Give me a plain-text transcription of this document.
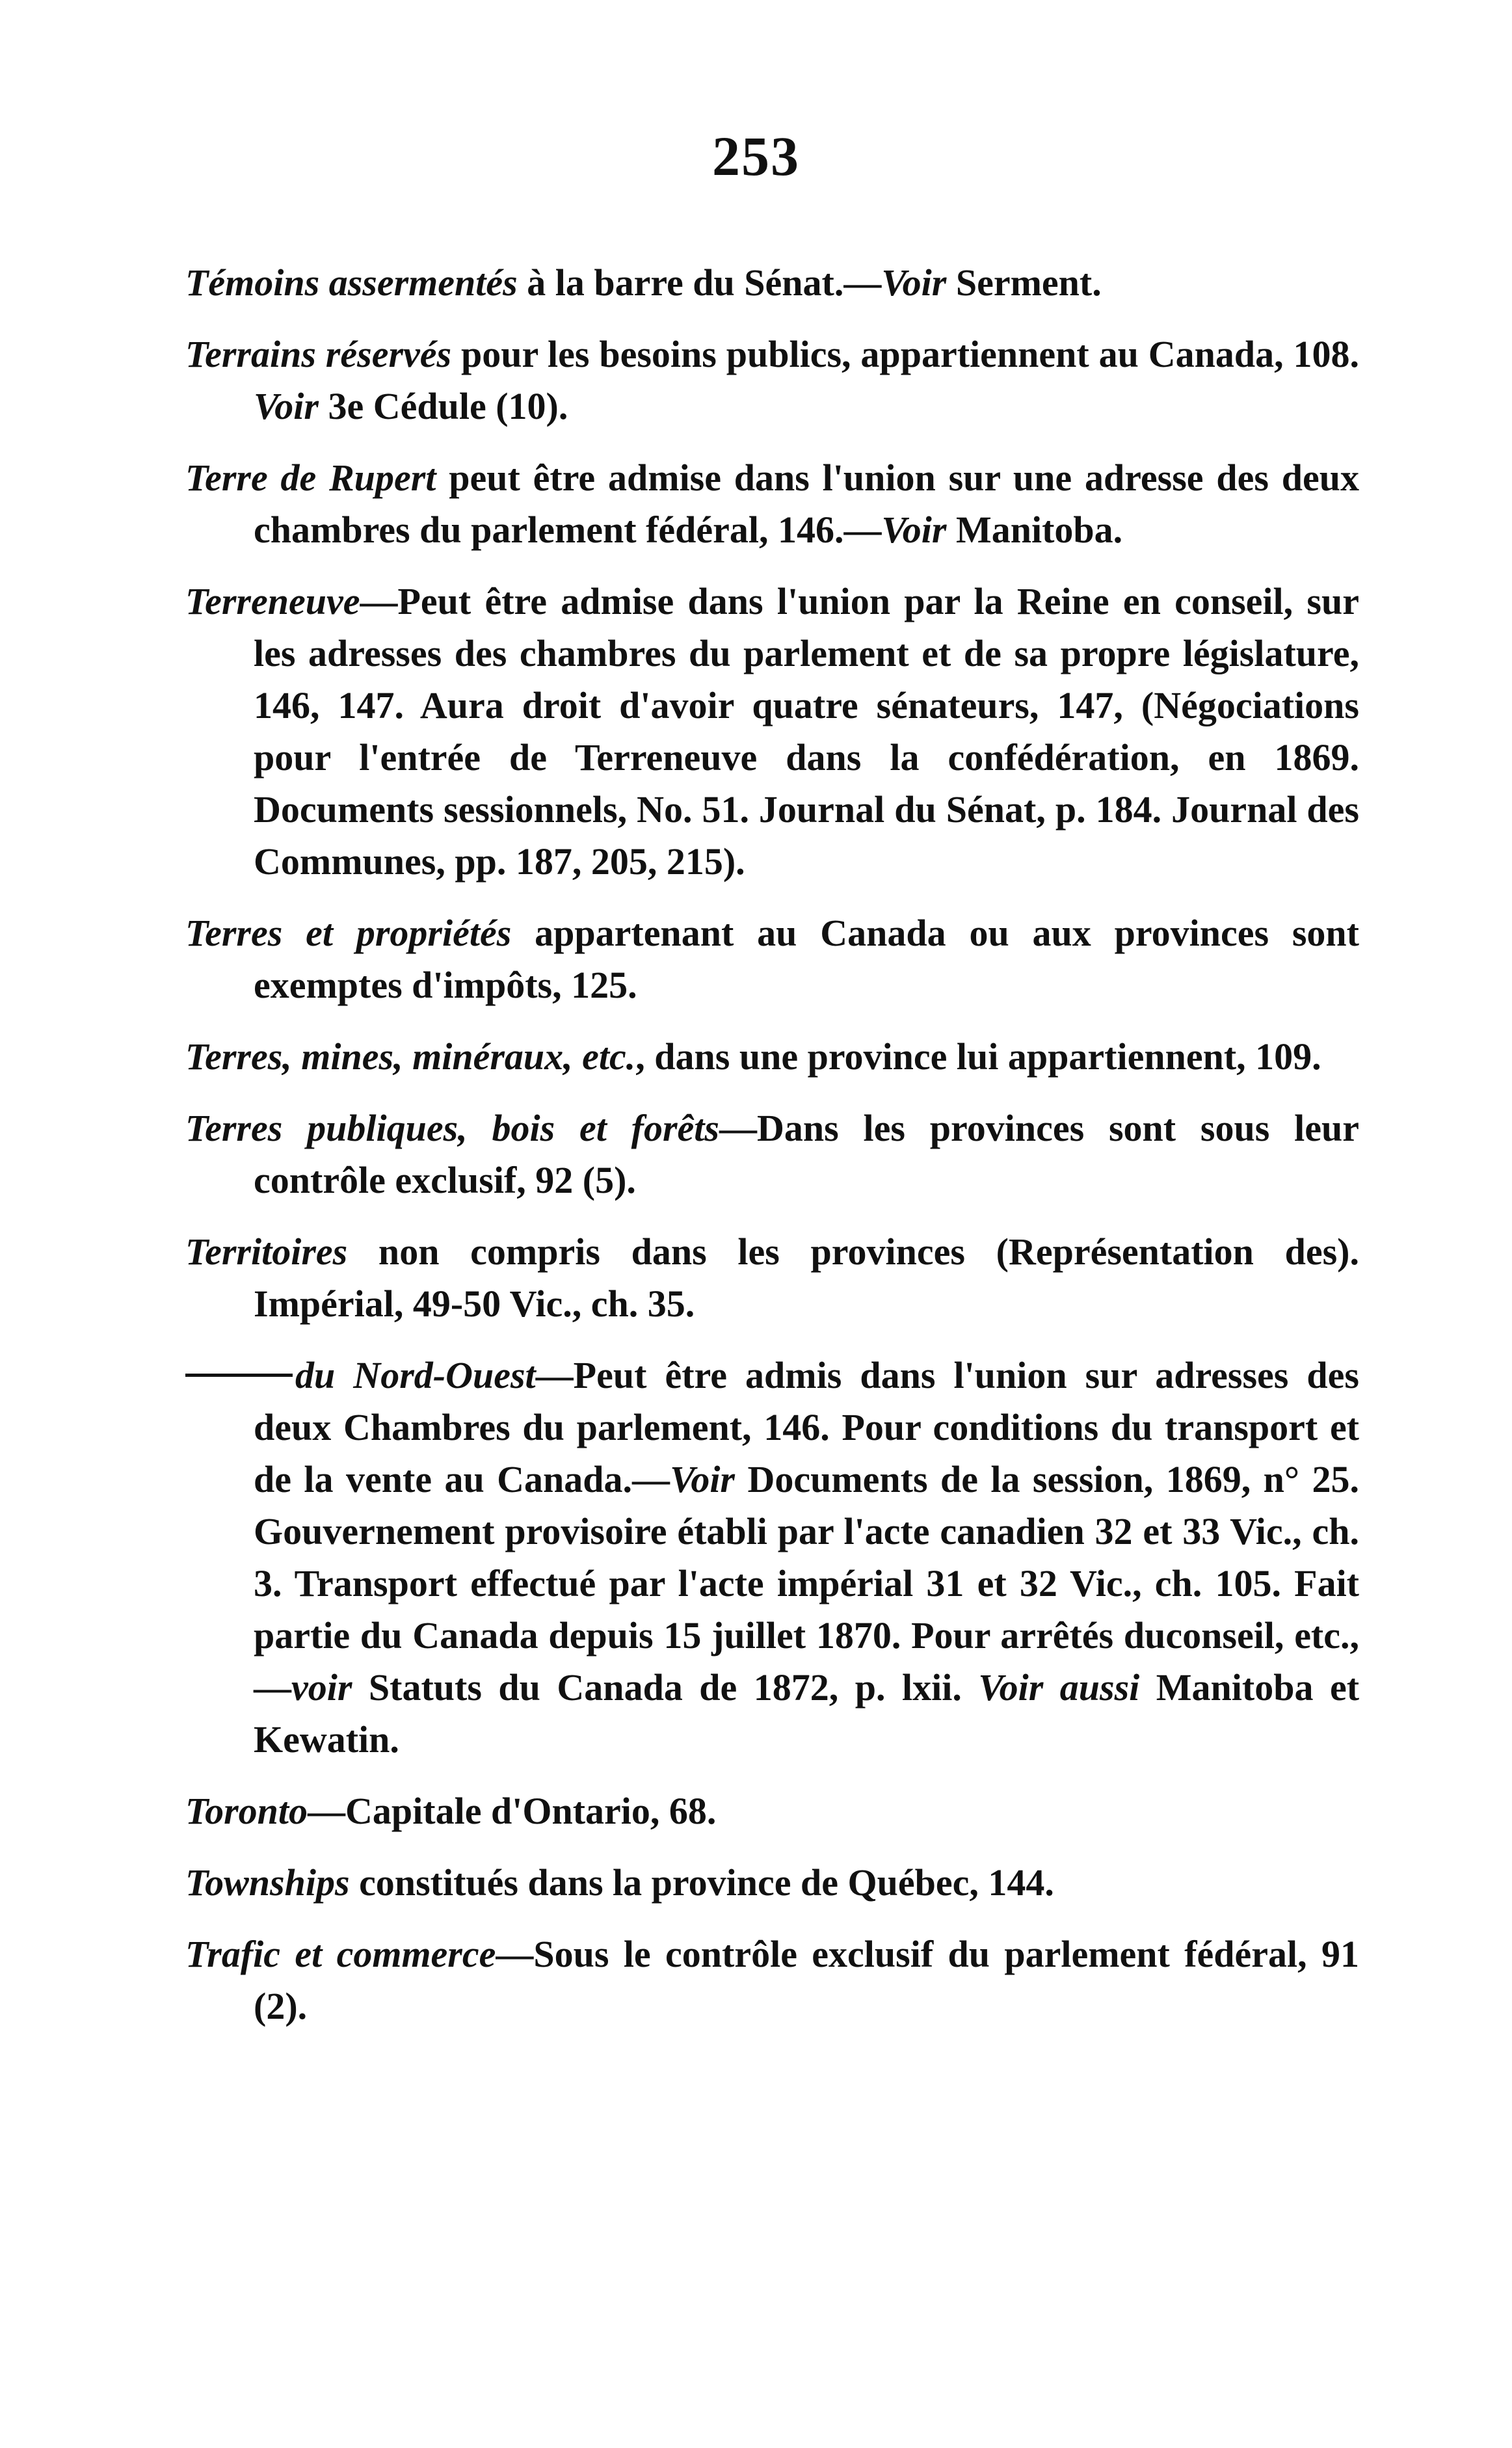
253

Témoins assermentés à la barre du Sénat.—Voir Serment.

Terrains réservés pour les besoins publics, appartiennent au Canada, 108. Voir 3e Cédule (10).

Terre de Rupert peut être admise dans l'union sur une adresse des deux chambres du parlement fédéral, 146.—Voir Manitoba.

Terreneuve—Peut être admise dans l'union par la Reine en conseil, sur les adresses des chambres du parlement et de sa propre législature, 146, 147. Aura droit d'avoir quatre sénateurs, 147, (Négociations pour l'entrée de Terreneuve dans la confédération, en 1869. Documents sessionnels, No. 51. Journal du Sénat, p. 184. Journal des Communes, pp. 187, 205, 215).

Terres et propriétés appartenant au Canada ou aux provinces sont exemptes d'impôts, 125.

Terres, mines, minéraux, etc., dans une province lui appartiennent, 109.

Terres publiques, bois et forêts—Dans les provinces sont sous leur contrôle exclusif, 92 (5).

Territoires non compris dans les provinces (Représentation des). Impérial, 49-50 Vic., ch. 35.

du Nord-Ouest—Peut être admis dans l'union sur adresses des deux Chambres du parlement, 146. Pour conditions du transport et de la vente au Canada.—Voir Documents de la session, 1869, n° 25. Gouvernement provisoire établi par l'acte canadien 32 et 33 Vic., ch. 3. Transport effectué par l'acte impérial 31 et 32 Vic., ch. 105. Fait partie du Canada depuis 15 juillet 1870. Pour arrêtés duconseil, etc.,—voir Statuts du Canada de 1872, p. lxii. Voir aussi Manitoba et Kewatin.

Toronto—Capitale d'Ontario, 68.

Townships constitués dans la province de Québec, 144.

Trafic et commerce—Sous le contrôle exclusif du parlement fédéral, 91 (2).
